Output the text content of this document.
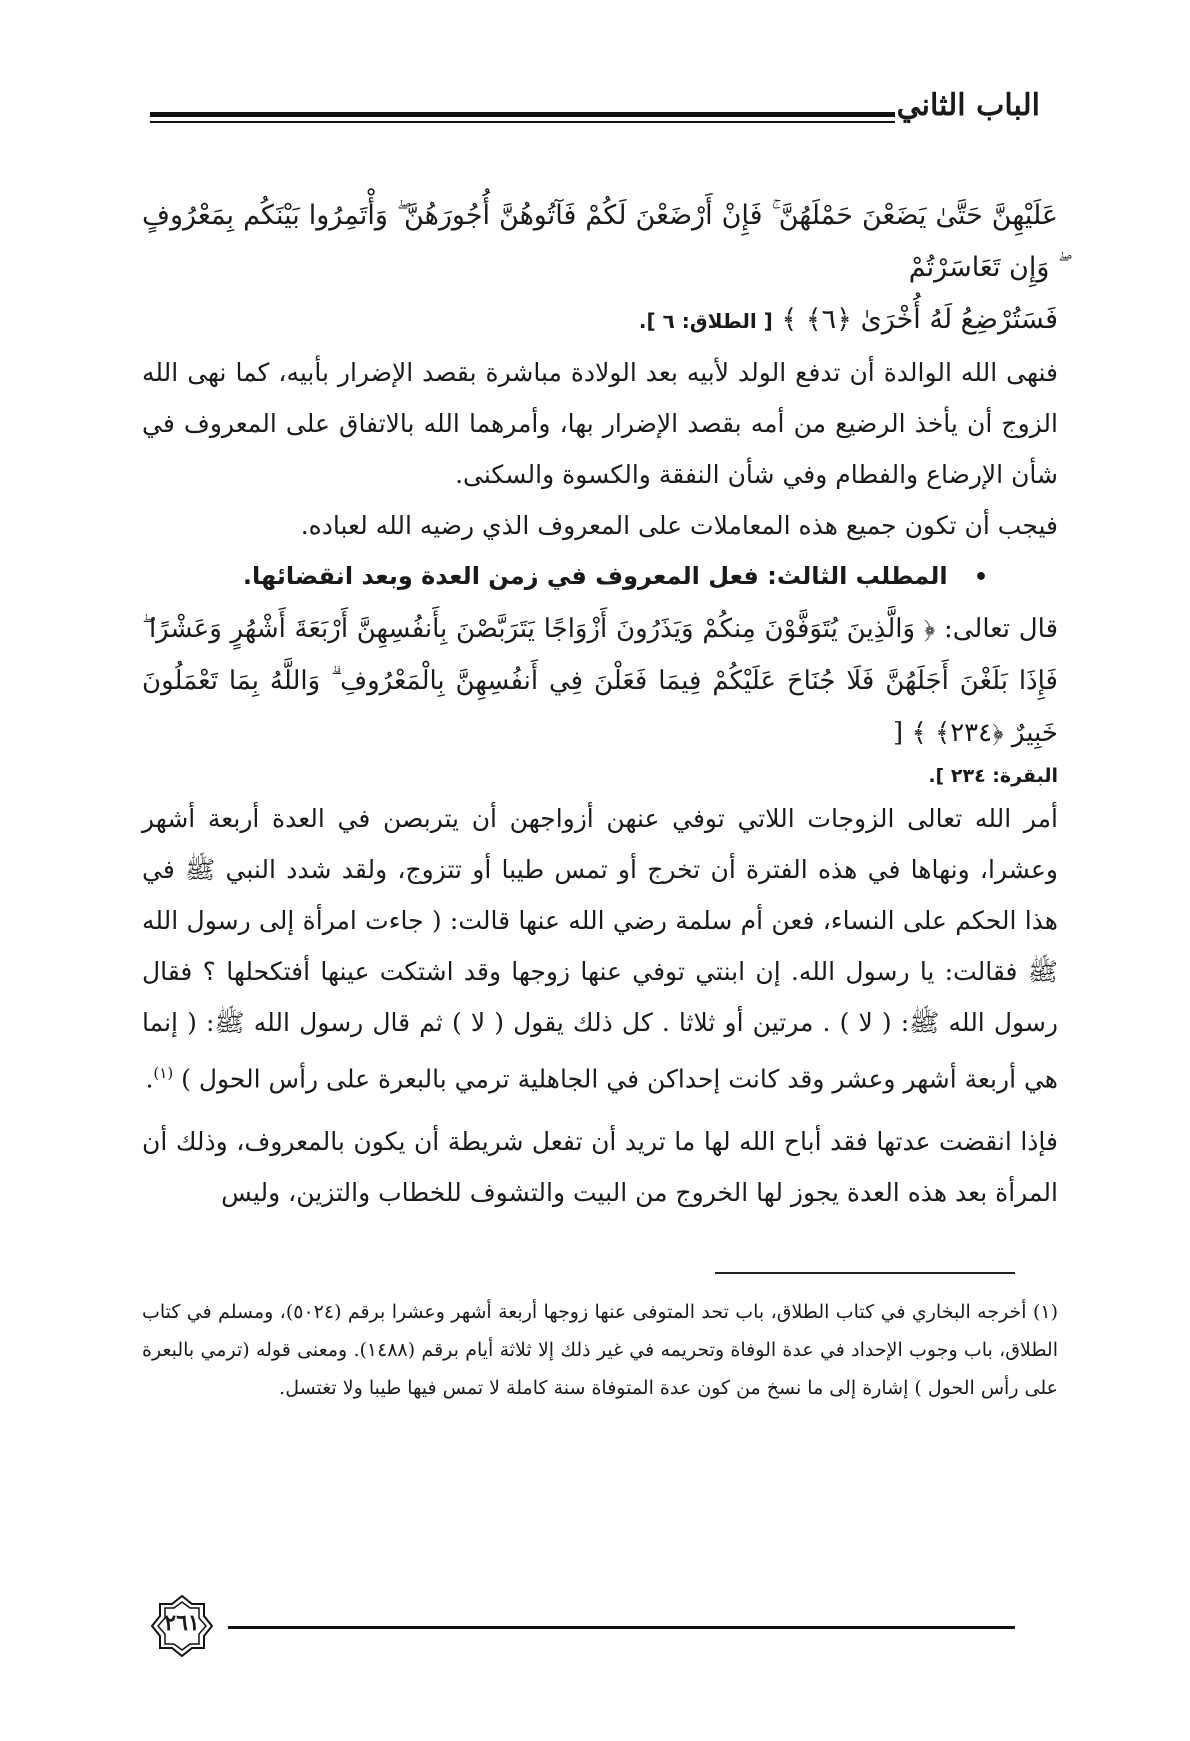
الباب الثاني

عَلَيْهِنَّ حَتَّىٰ يَضَعْنَ حَمْلَهُنَّ ۚ فَإِنْ أَرْضَعْنَ لَكُمْ فَآتُوهُنَّ أُجُورَهُنَّ ۖ وَأْتَمِرُوا بَيْنَكُم بِمَعْرُوفٍ ۖ وَإِن تَعَاسَرْتُمْ

فَسَتُرْضِعُ لَهُ أُخْرَىٰ ﴿٦﴾ ﴾ [ الطلاق: ٦ ].

فنهى الله الوالدة أن تدفع الولد لأبيه بعد الولادة مباشرة بقصد الإضرار بأبيه، كما نهى الله الزوج أن يأخذ الرضيع من أمه بقصد الإضرار بها، وأمرهما الله بالاتفاق على المعروف في شأن الإرضاع والفطام وفي شأن النفقة والكسوة والسكنى.

فيجب أن تكون جميع هذه المعاملات على المعروف الذي رضيه الله لعباده.

• المطلب الثالث: فعل المعروف في زمن العدة وبعد انقضائها.

قال تعالى: ﴿ وَالَّذِينَ يُتَوَفَّوْنَ مِنكُمْ وَيَذَرُونَ أَزْوَاجًا يَتَرَبَّصْنَ بِأَنفُسِهِنَّ أَرْبَعَةَ أَشْهُرٍ وَعَشْرًا ۖ فَإِذَا بَلَغْنَ أَجَلَهُنَّ فَلَا جُنَاحَ عَلَيْكُمْ فِيمَا فَعَلْنَ فِي أَنفُسِهِنَّ بِالْمَعْرُوفِ ۗ وَاللَّهُ بِمَا تَعْمَلُونَ خَبِيرٌ ﴿٢٣٤﴾ ﴾ [

البقرة: ٢٣٤ ].

أمر الله تعالى الزوجات اللاتي توفي عنهن أزواجهن أن يتربصن في العدة أربعة أشهر وعشرا، ونهاها في هذه الفترة أن تخرج أو تمس طيبا أو تتزوج، ولقد شدد النبي ﷺ في هذا الحكم على النساء، فعن أم سلمة رضي الله عنها قالت: ( جاءت امرأة إلى رسول الله ﷺ فقالت: يا رسول الله. إن ابنتي توفي عنها زوجها وقد اشتكت عينها أفتكحلها ؟ فقال رسول الله ﷺ: ( لا ) . مرتين أو ثلاثا . كل ذلك يقول ( لا ) ثم قال رسول الله ﷺ: ( إنما هي أربعة أشهر وعشر وقد كانت إحداكن في الجاهلية ترمي بالبعرة على رأس الحول ) $^{(١)}$.

فإذا انقضت عدتها فقد أباح الله لها ما تريد أن تفعل شريطة أن يكون بالمعروف، وذلك أن المرأة بعد هذه العدة يجوز لها الخروج من البيت والتشوف للخطاب والتزين، وليس

(١) أخرجه البخاري في كتاب الطلاق، باب تحد المتوفى عنها زوجها أربعة أشهر وعشرا برقم (٥٠٢٤)، ومسلم في كتاب الطلاق، باب وجوب الإحداد في عدة الوفاة وتحريمه في غير ذلك إلا ثلاثة أيام برقم (١٤٨٨). ومعنى قوله (ترمي بالبعرة على رأس الحول ) إشارة إلى ما نسخ من كون عدة المتوفاة سنة كاملة لا تمس فيها طيبا ولا تغتسل.

٢٦١
